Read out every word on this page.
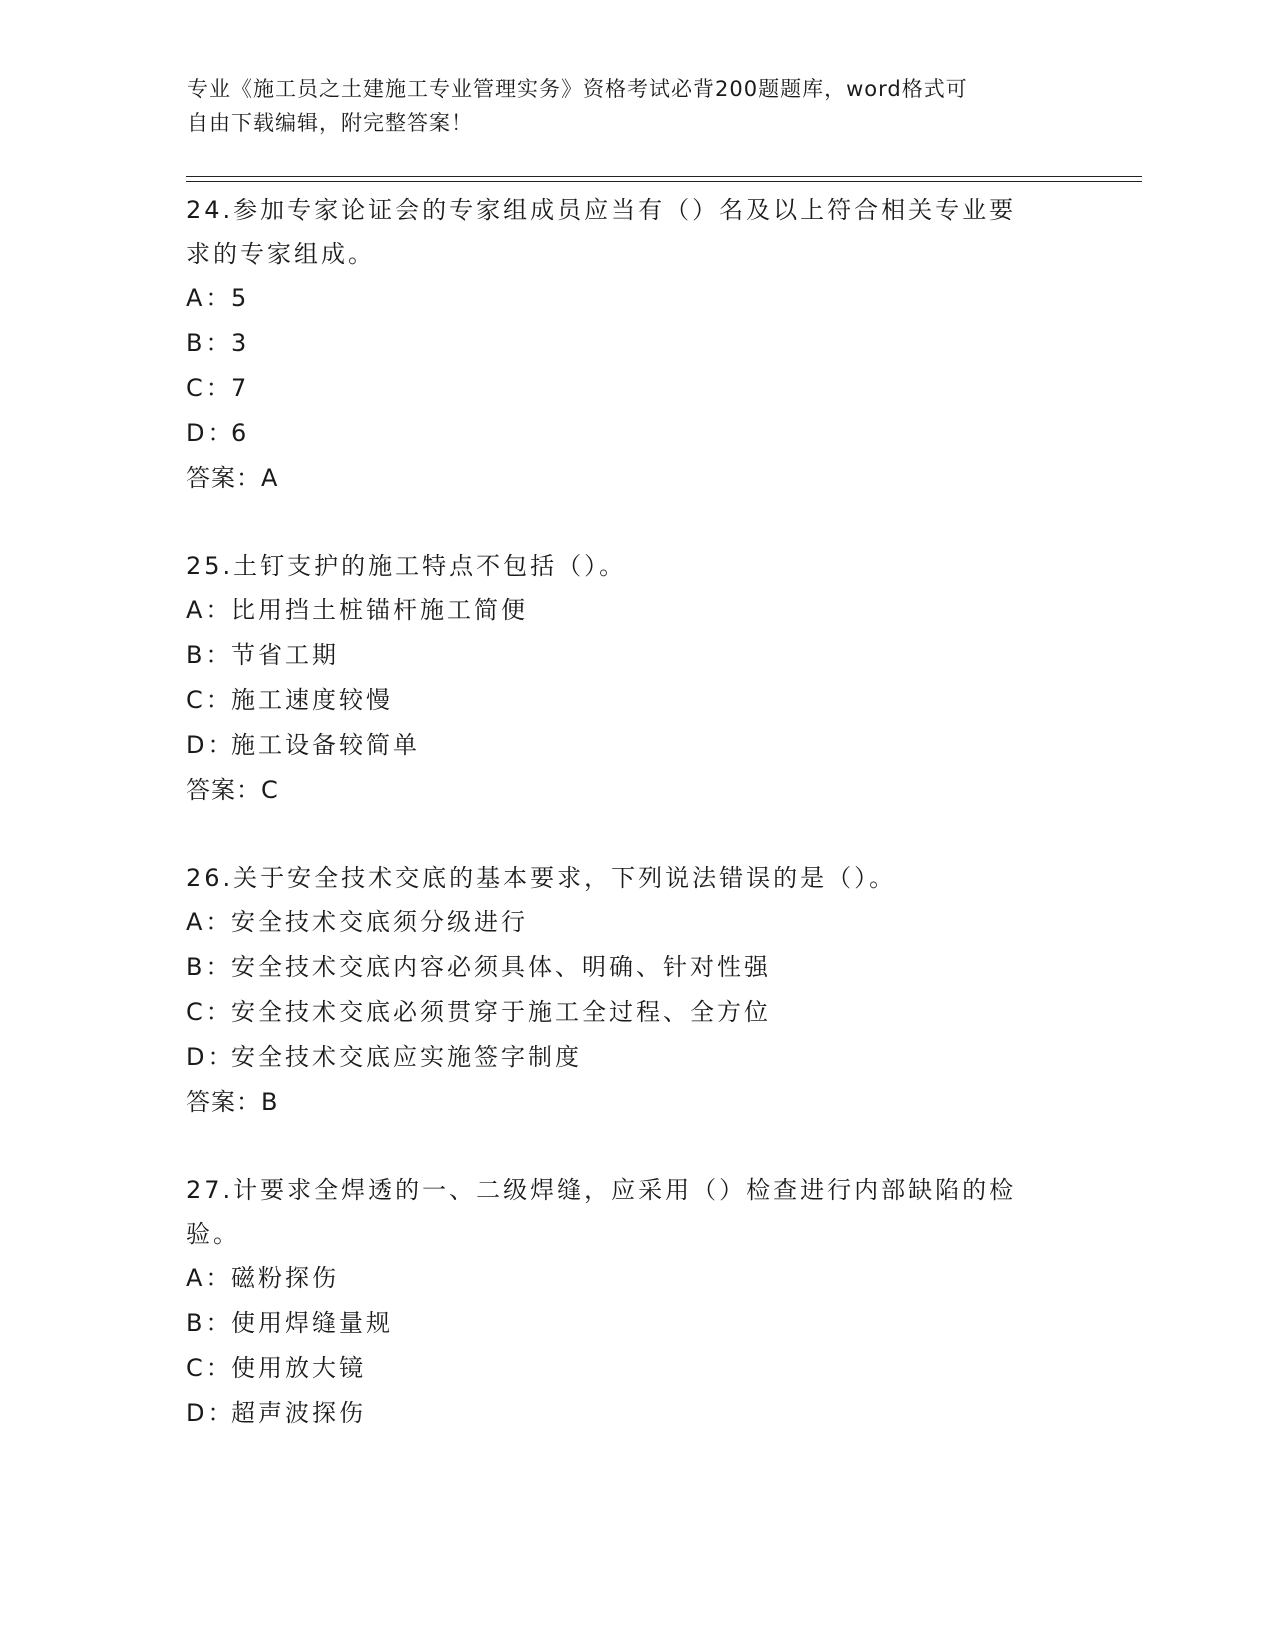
专业《施工员之土建施工专业管理实务》资格考试必背200题题库，word格式可
自由下载编辑，附完整答案！
24.参加专家论证会的专家组成员应当有（）名及以上符合相关专业要
求的专家组成。
A：5
B：3
C：7
D：6
答案：A
25.土钉支护的施工特点不包括（）。
A：比用挡土桩锚杆施工简便
B：节省工期
C：施工速度较慢
D：施工设备较简单
答案：C
26.关于安全技术交底的基本要求，下列说法错误的是（）。
A：安全技术交底须分级进行
B：安全技术交底内容必须具体、明确、针对性强
C：安全技术交底必须贯穿于施工全过程、全方位
D：安全技术交底应实施签字制度
答案：B
27.计要求全焊透的一、二级焊缝，应采用（）检查进行内部缺陷的检
验。
A：磁粉探伤
B：使用焊缝量规
C：使用放大镜
D：超声波探伤
